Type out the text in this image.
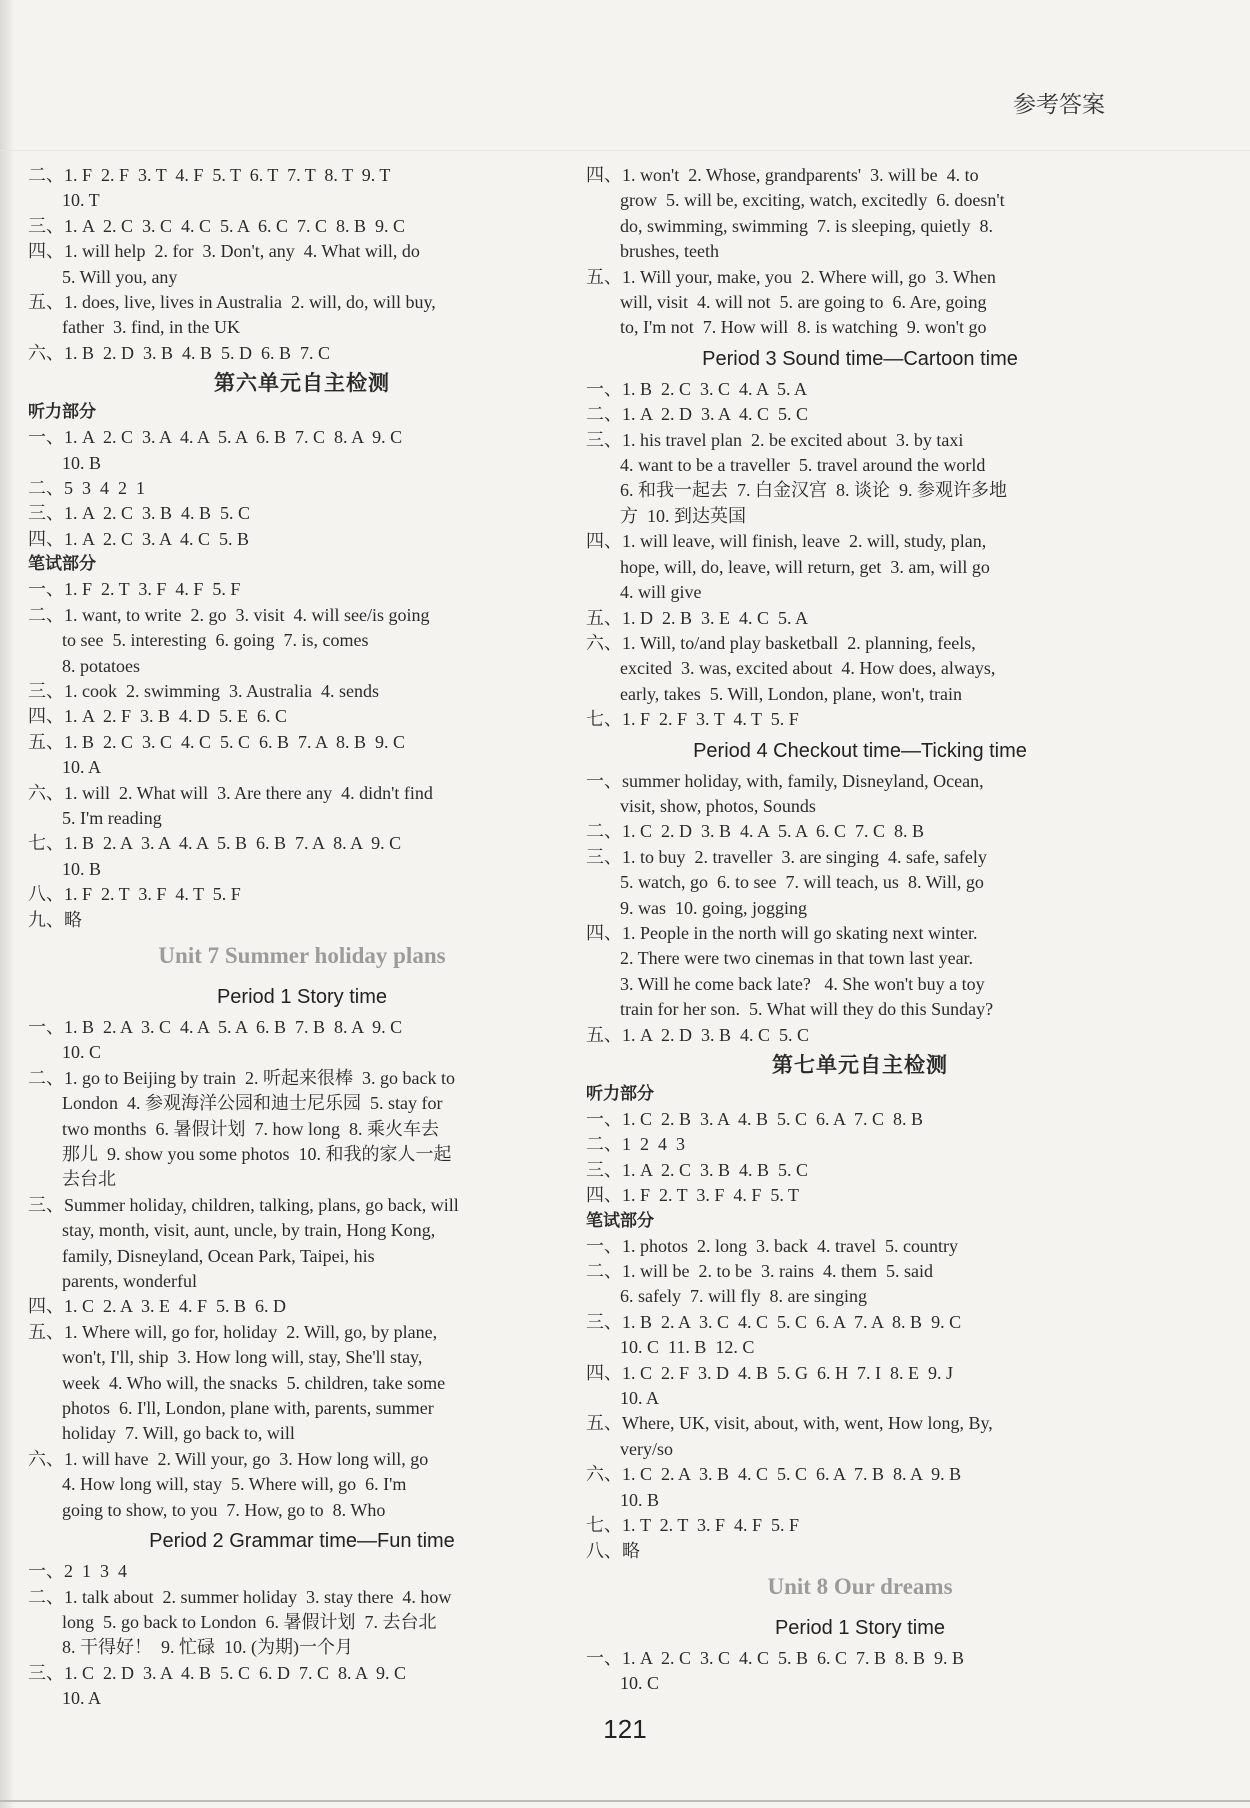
参考答案
二、1. F  2. F  3. T  4. F  5. T  6. T  7. T  8. T  9. T
10. T
三、1. A  2. C  3. C  4. C  5. A  6. C  7. C  8. B  9. C
四、1. will help  2. for  3. Don't, any  4. What will, do
5. Will you, any
五、1. does, live, lives in Australia  2. will, do, will buy,
father  3. find, in the UK
六、1. B  2. D  3. B  4. B  5. D  6. B  7. C
第六单元自主检测
听力部分
一、1. A  2. C  3. A  4. A  5. A  6. B  7. C  8. A  9. C
10. B
二、5  3  4  2  1
三、1. A  2. C  3. B  4. B  5. C
四、1. A  2. C  3. A  4. C  5. B
笔试部分
一、1. F  2. T  3. F  4. F  5. F
二、1. want, to write  2. go  3. visit  4. will see/is going
to see  5. interesting  6. going  7. is, comes
8. potatoes
三、1. cook  2. swimming  3. Australia  4. sends
四、1. A  2. F  3. B  4. D  5. E  6. C
五、1. B  2. C  3. C  4. C  5. C  6. B  7. A  8. B  9. C
10. A
六、1. will  2. What will  3. Are there any  4. didn't find
5. I'm reading
七、1. B  2. A  3. A  4. A  5. B  6. B  7. A  8. A  9. C
10. B
八、1. F  2. T  3. F  4. T  5. F
九、略
Unit 7 Summer holiday plans
Period 1 Story time
一、1. B  2. A  3. C  4. A  5. A  6. B  7. B  8. A  9. C
10. C
二、1. go to Beijing by train  2. 听起来很棒  3. go back to
London  4. 参观海洋公园和迪士尼乐园  5. stay for
two months  6. 暑假计划  7. how long  8. 乘火车去
那儿  9. show you some photos  10. 和我的家人一起
去台北
三、Summer holiday, children, talking, plans, go back, will
stay, month, visit, aunt, uncle, by train, Hong Kong,
family, Disneyland, Ocean Park, Taipei, his
parents, wonderful
四、1. C  2. A  3. E  4. F  5. B  6. D
五、1. Where will, go for, holiday  2. Will, go, by plane,
won't, I'll, ship  3. How long will, stay, She'll stay,
week  4. Who will, the snacks  5. children, take some
photos  6. I'll, London, plane with, parents, summer
holiday  7. Will, go back to, will
六、1. will have  2. Will your, go  3. How long will, go
4. How long will, stay  5. Where will, go  6. I'm
going to show, to you  7. How, go to  8. Who
Period 2 Grammar time—Fun time
一、2  1  3  4
二、1. talk about  2. summer holiday  3. stay there  4. how
long  5. go back to London  6. 暑假计划  7. 去台北
8. 干得好！  9. 忙碌  10. (为期)一个月
三、1. C  2. D  3. A  4. B  5. C  6. D  7. C  8. A  9. C
10. A
四、1. won't  2. Whose, grandparents'  3. will be  4. to
grow  5. will be, exciting, watch, excitedly  6. doesn't
do, swimming, swimming  7. is sleeping, quietly  8.
brushes, teeth
五、1. Will your, make, you  2. Where will, go  3. When
will, visit  4. will not  5. are going to  6. Are, going
to, I'm not  7. How will  8. is watching  9. won't go
Period 3 Sound time—Cartoon time
一、1. B  2. C  3. C  4. A  5. A
二、1. A  2. D  3. A  4. C  5. C
三、1. his travel plan  2. be excited about  3. by taxi
4. want to be a traveller  5. travel around the world
6. 和我一起去  7. 白金汉宫  8. 谈论  9. 参观许多地
方  10. 到达英国
四、1. will leave, will finish, leave  2. will, study, plan,
hope, will, do, leave, will return, get  3. am, will go
4. will give
五、1. D  2. B  3. E  4. C  5. A
六、1. Will, to/and play basketball  2. planning, feels,
excited  3. was, excited about  4. How does, always,
early, takes  5. Will, London, plane, won't, train
七、1. F  2. F  3. T  4. T  5. F
Period 4 Checkout time—Ticking time
一、summer holiday, with, family, Disneyland, Ocean,
visit, show, photos, Sounds
二、1. C  2. D  3. B  4. A  5. A  6. C  7. C  8. B
三、1. to buy  2. traveller  3. are singing  4. safe, safely
5. watch, go  6. to see  7. will teach, us  8. Will, go
9. was  10. going, jogging
四、1. People in the north will go skating next winter.
2. There were two cinemas in that town last year.
3. Will he come back late?   4. She won't buy a toy
train for her son.  5. What will they do this Sunday?
五、1. A  2. D  3. B  4. C  5. C
第七单元自主检测
听力部分
一、1. C  2. B  3. A  4. B  5. C  6. A  7. C  8. B
二、1  2  4  3
三、1. A  2. C  3. B  4. B  5. C
四、1. F  2. T  3. F  4. F  5. T
笔试部分
一、1. photos  2. long  3. back  4. travel  5. country
二、1. will be  2. to be  3. rains  4. them  5. said
6. safely  7. will fly  8. are singing
三、1. B  2. A  3. C  4. C  5. C  6. A  7. A  8. B  9. C
10. C  11. B  12. C
四、1. C  2. F  3. D  4. B  5. G  6. H  7. I  8. E  9. J
10. A
五、Where, UK, visit, about, with, went, How long, By,
very/so
六、1. C  2. A  3. B  4. C  5. C  6. A  7. B  8. A  9. B
10. B
七、1. T  2. T  3. F  4. F  5. F
八、略
Unit 8 Our dreams
Period 1 Story time
一、1. A  2. C  3. C  4. C  5. B  6. C  7. B  8. B  9. B
10. C
121
